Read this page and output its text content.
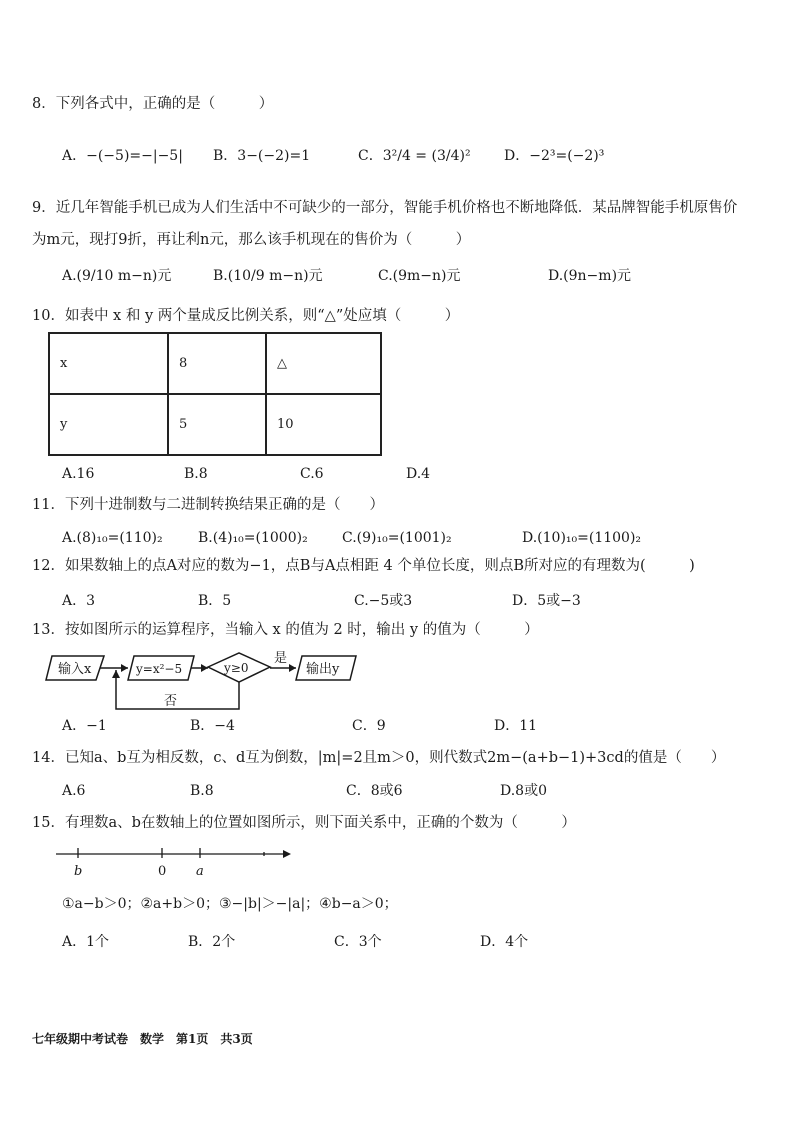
8．下列各式中，正确的是（　　　）
A．−(−5)=−|−5| B．3−(−2)=1	C．3²/4 = (3/4)² D．−2³=(−2)³
9．近几年智能手机已成为人们生活中不可缺少的一部分，智能手机价格也不断地降低．某品牌智能手机原售价
为m元，现打9折，再让利n元，那么该手机现在的售价为（　　　）
A.(9/10 m−n)元	B.(10/9 m−n)元	C.(9m−n)元	D.(9n−m)元
10．如表中 x 和 y 两个量成反比例关系，则“△”处应填（　　　）
x	8	△
y	5	10
A.16	B.8	C.6	D.4
11．下列十进制数与二进制转换结果正确的是（　　）
A.(8)₁₀=(110)₂	B.(4)₁₀=(1000)₂ C.(9)₁₀=(1001)₂	D.(10)₁₀=(1100)₂
12．如果数轴上的点A对应的数为−1，点B与A点相距 4 个单位长度，则点B所对应的有理数为(　　　)
A．3	B．5	C.−5或3	D．5或−3
13．按如图所示的运算程序，当输入 x 的值为 2 时，输出 y 的值为（　　　）
输入x	y=x²−5	y≥0
是
否
输出y
b	0 a
A．−1	B．−4	C．9	D．11
14．已知a、b互为相反数，c、d互为倒数，|m|=2且m＞0，则代数式2m−(a+b−1)+3cd的值是（　　）
A.6	B.8	C．8或6	D.8或0
15．有理数a、b在数轴上的位置如图所示，则下面关系中，正确的个数为（　　　）
①a−b＞0；②a+b＞0；③−|b|＞−|a|；④b−a＞0；
A．1个	B．2个	C．3个	D．4个
七年级期中考试卷　数学　第1页　共3页
